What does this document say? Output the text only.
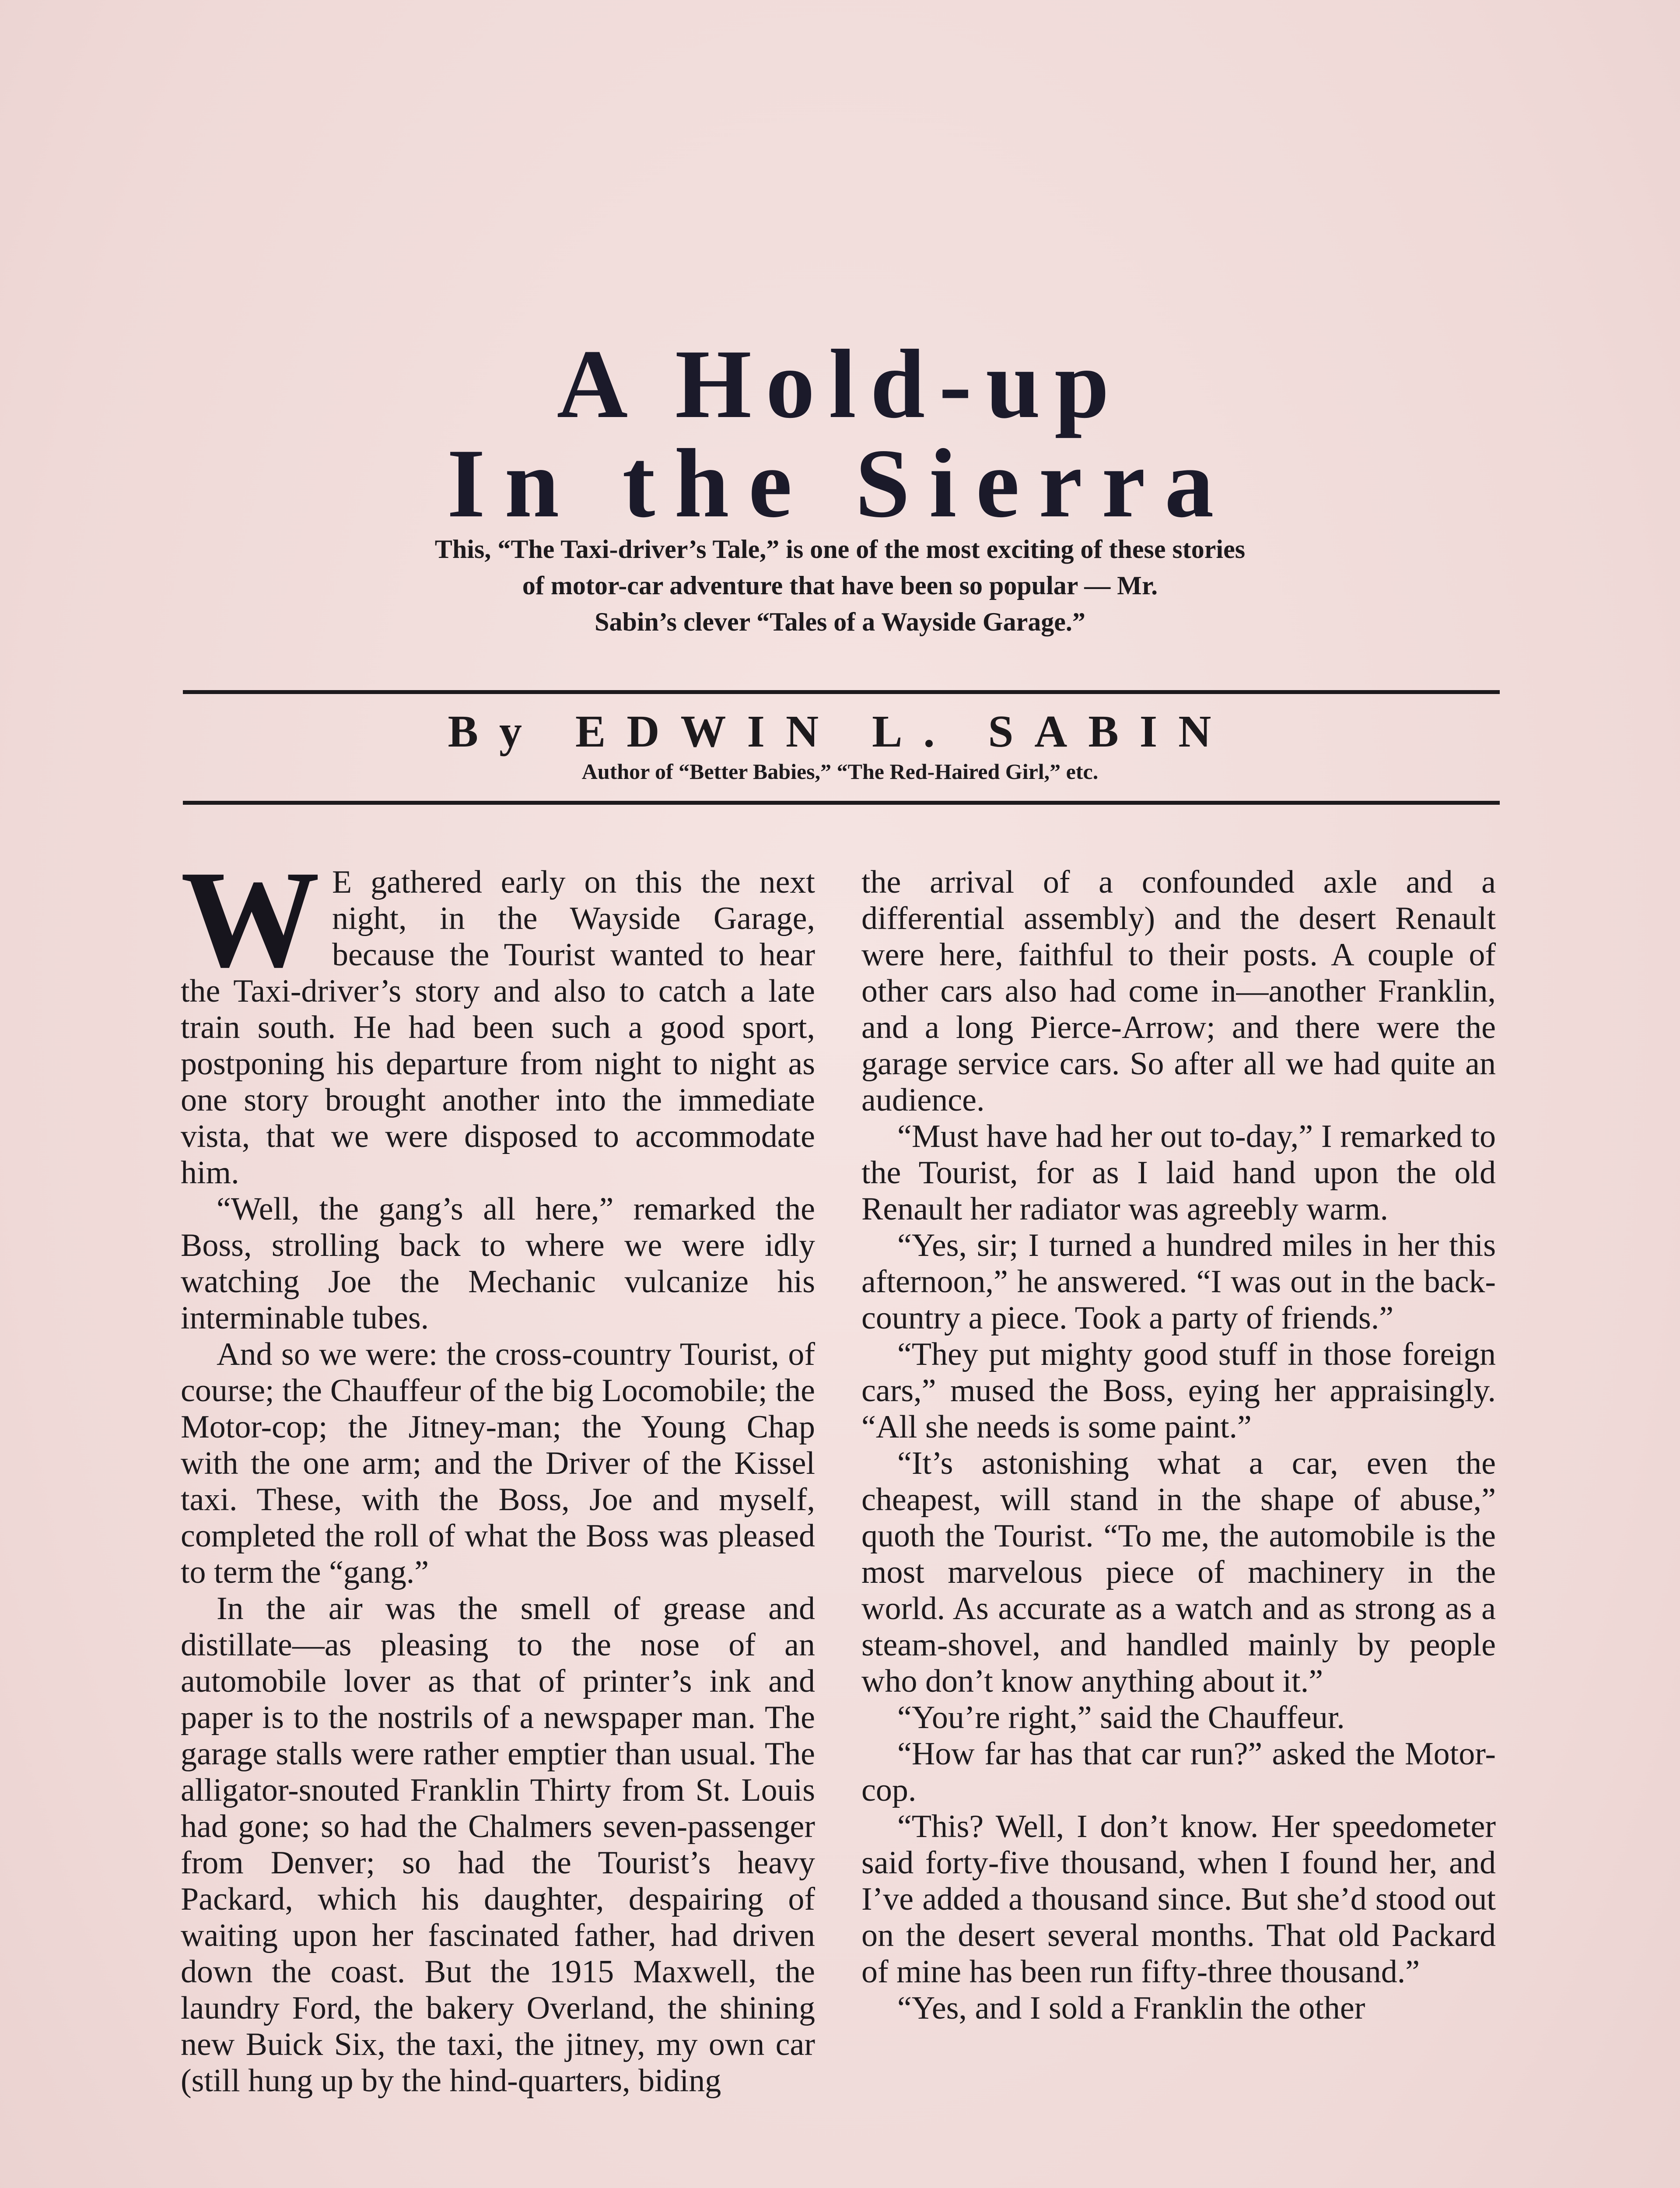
A Hold-up
In the Sierra
This, “The Taxi-driver’s Tale,” is one of the most exciting of these stories
of motor-car adventure that have been so popular — Mr.
Sabin’s clever “Tales of a Wayside Garage.”
By EDWIN L. SABIN
Author of “Better Babies,” “The Red-Haired Girl,” etc.

W E gathered early on this the next night, in the Wayside Garage, because the Tourist wanted to hear the Taxi-driver’s story and also to catch a late train south. He had been such a good sport, postponing his departure from night to night as one story brought another into the immediate vista, that we were disposed to accommodate him.

“Well, the gang’s all here,” remarked the Boss, strolling back to where we were idly watching Joe the Mechanic vulcanize his interminable tubes.

And so we were: the cross-country Tourist, of course; the Chauffeur of the big Locomobile; the Motor-cop; the Jitney-man; the Young Chap with the one arm; and the Driver of the Kissel taxi. These, with the Boss, Joe and myself, completed the roll of what the Boss was pleased to term the “gang.”

In the air was the smell of grease and distillate—as pleasing to the nose of an automobile lover as that of printer’s ink and paper is to the nostrils of a newspaper man. The garage stalls were rather emptier than usual. The alligator-snouted Franklin Thirty from St. Louis had gone; so had the Chalmers seven-passenger from Denver; so had the Tourist’s heavy Packard, which his daughter, despairing of waiting upon her fascinated father, had driven down the coast. But the 1915 Maxwell, the laundry Ford, the bakery Overland, the shining new Buick Six, the taxi, the jitney, my own car (still hung up by the hind-quarters, biding

the arrival of a confounded axle and a differential assembly) and the desert Renault were here, faithful to their posts. A couple of other cars also had come in—another Franklin, and a long Pierce-Arrow; and there were the garage service cars. So after all we had quite an audience.

“Must have had her out to-day,” I remarked to the Tourist, for as I laid hand upon the old Renault her radiator was agreebly warm.

“Yes, sir; I turned a hundred miles in her this afternoon,” he answered. “I was out in the back-country a piece. Took a party of friends.”

“They put mighty good stuff in those foreign cars,” mused the Boss, eying her appraisingly. “All she needs is some paint.”

“It’s astonishing what a car, even the cheapest, will stand in the shape of abuse,” quoth the Tourist. “To me, the automobile is the most marvelous piece of machinery in the world. As accurate as a watch and as strong as a steam-shovel, and handled mainly by people who don’t know anything about it.”

“You’re right,” said the Chauffeur.

“How far has that car run?” asked the Motor-cop.

“This? Well, I don’t know. Her speedometer said forty-five thousand, when I found her, and I’ve added a thousand since. But she’d stood out on the desert several months. That old Packard of mine has been run fifty-three thousand.”

“Yes, and I sold a Franklin the other
